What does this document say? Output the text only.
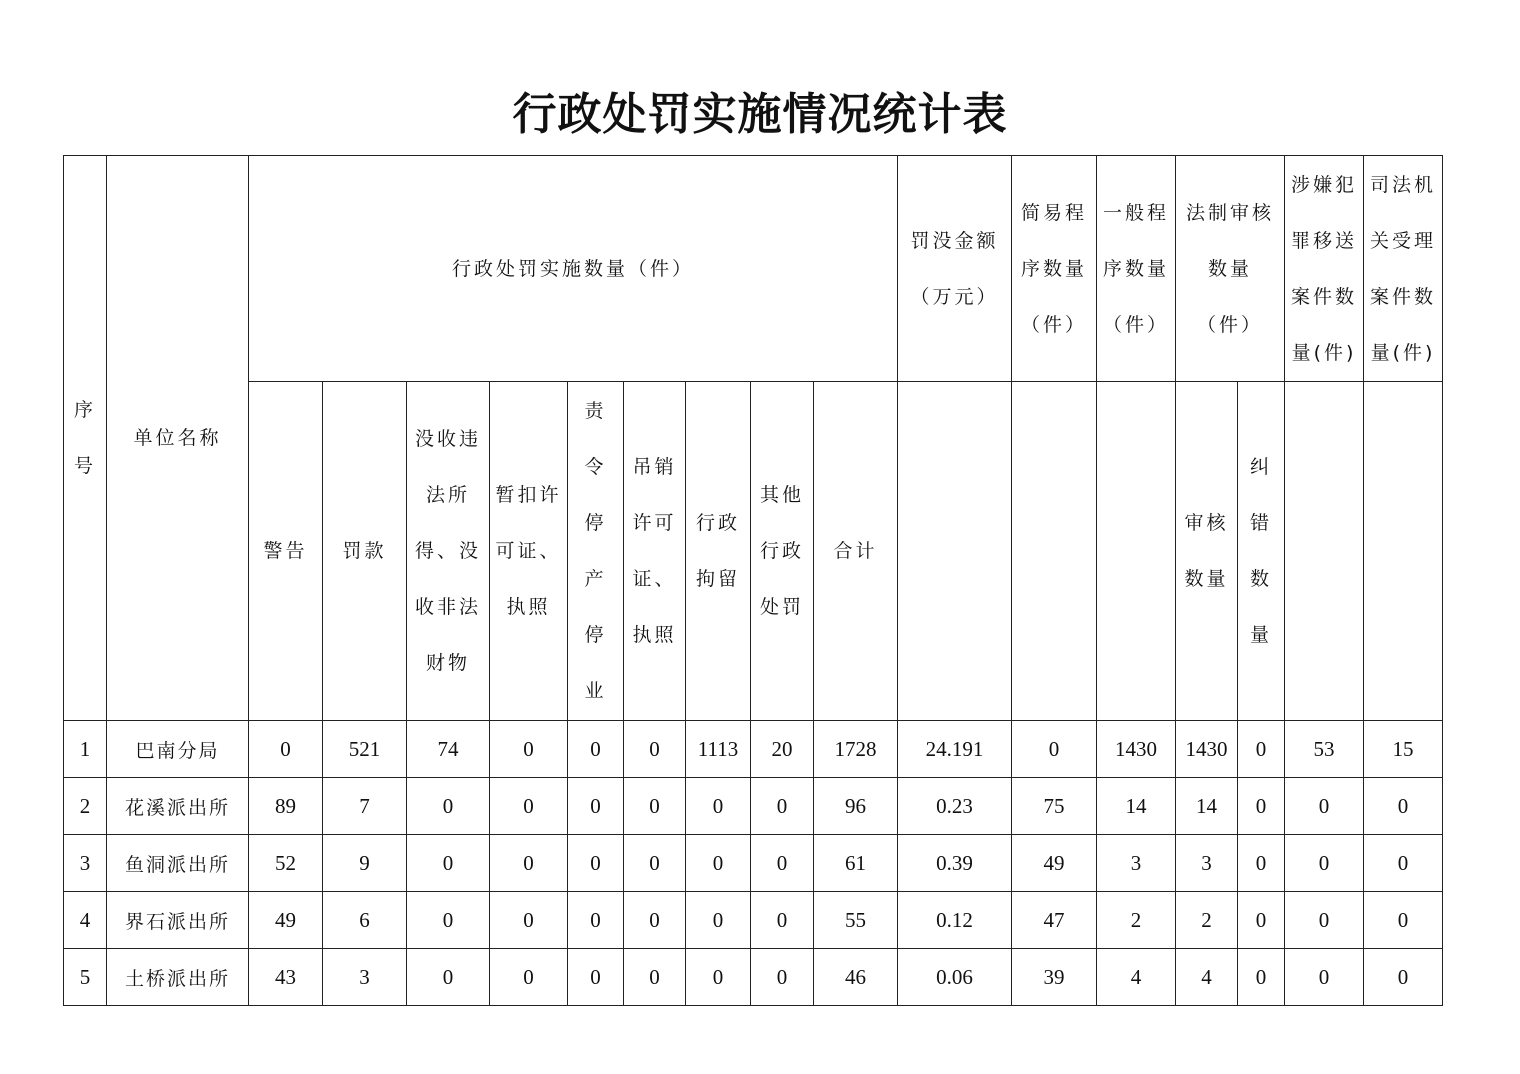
行政处罚实施情况统计表
序号	单位名称	行政处罚实施数量（件）									罚没金额（万元）	简易程序数量（件）	一般程序数量（件）	法制审核数量（件）		涉嫌犯罪移送案件数量(件)	司法机关受理案件数量(件)
		警告	罚款	没收违法所得、没收非法财物	暂扣许可证、执照	责令停产停业	吊销许可证、执照	行政拘留	其他行政处罚	合计				审核数量	纠错数量		
1	巴南分局	0	521	74	0	0	0	1113	20	1728	24.191	0	1430	1430	0	53	15
2	花溪派出所	89	7	0	0	0	0	0	0	96	0.23	75	14	14	0	0	0
3	鱼洞派出所	52	9	0	0	0	0	0	0	61	0.39	49	3	3	0	0	0
4	界石派出所	49	6	0	0	0	0	0	0	55	0.12	47	2	2	0	0	0
5	土桥派出所	43	3	0	0	0	0	0	0	46	0.06	39	4	4	0	0	0
